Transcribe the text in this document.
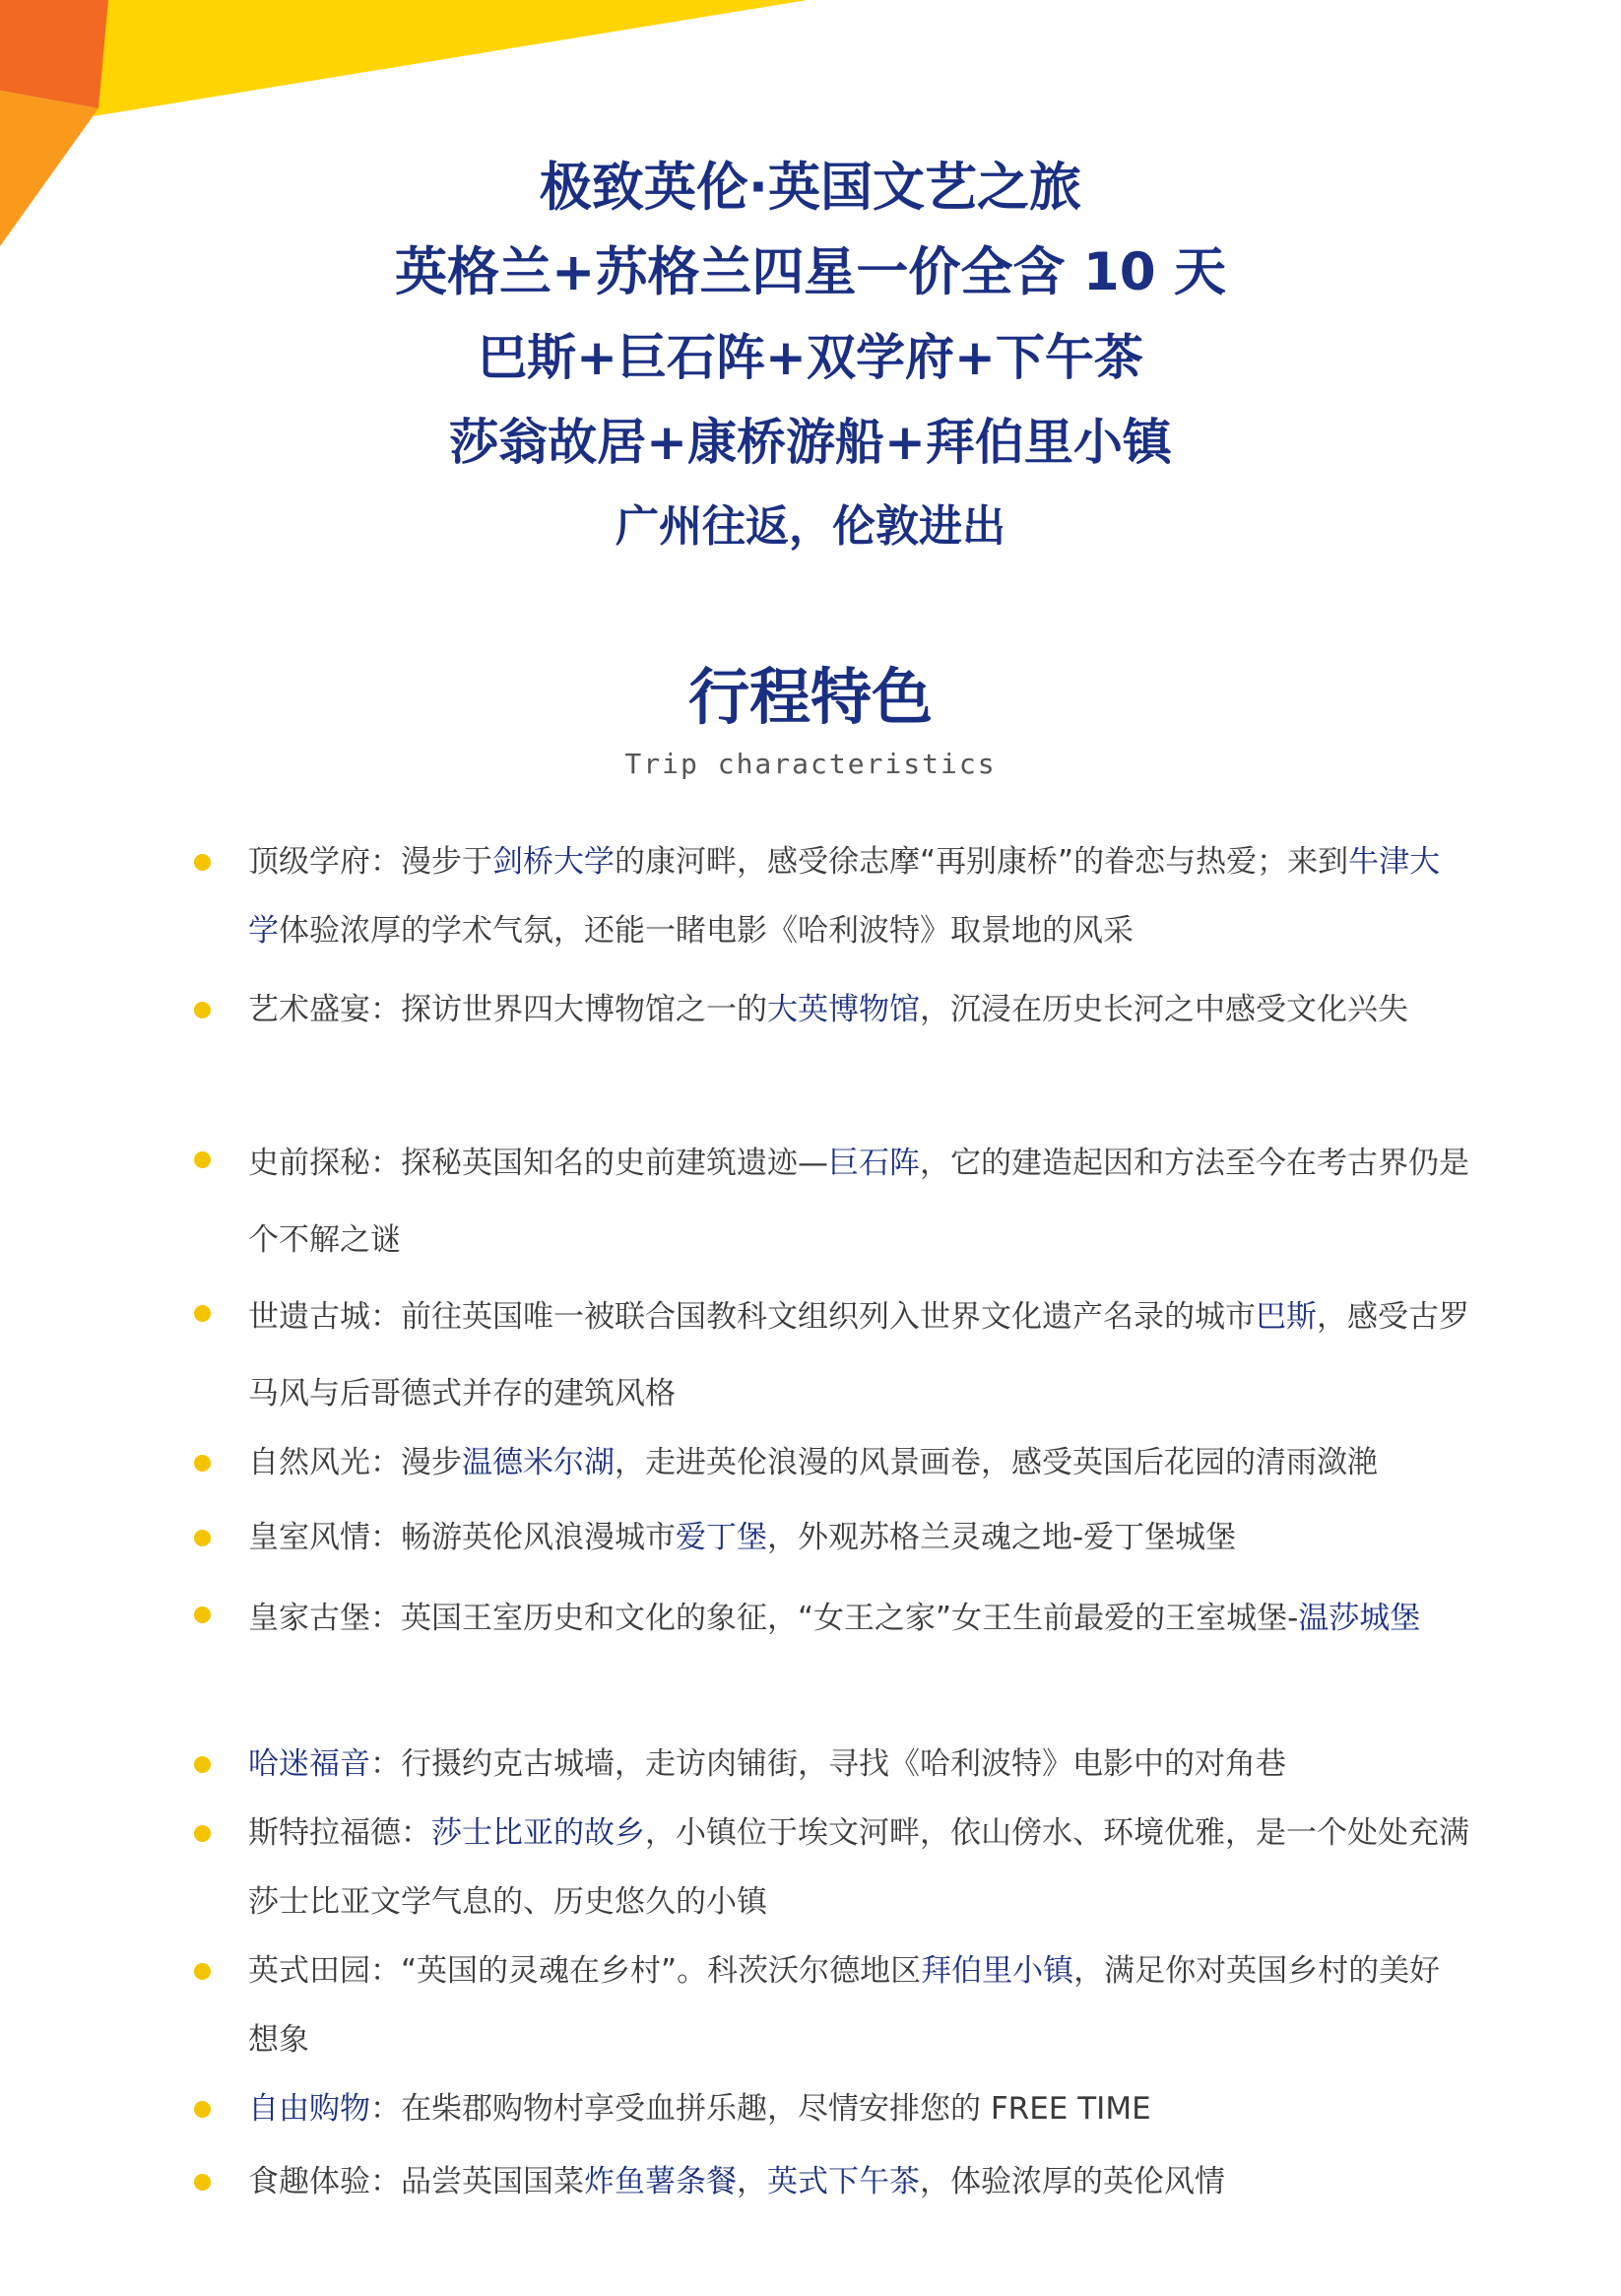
极致英伦·英国文艺之旅
英格兰+苏格兰四星一价全含 10 天
巴斯+巨石阵+双学府+下午茶
莎翁故居+康桥游船+拜伯里小镇
广州往返，伦敦进出
行程特色
Trip characteristics
顶级学府：漫步于剑桥大学的康河畔，感受徐志摩“再别康桥”的眷恋与热爱；来到牛津大学体验浓厚的学术气氛，还能一睹电影《哈利波特》取景地的风采
艺术盛宴：探访世界四大博物馆之一的大英博物馆，沉浸在历史长河之中感受文化兴失
史前探秘：探秘英国知名的史前建筑遗迹—巨石阵，它的建造起因和方法至今在考古界仍是个不解之谜
世遗古城：前往英国唯一被联合国教科文组织列入世界文化遗产名录的城市巴斯，感受古罗马风与后哥德式并存的建筑风格
自然风光：漫步温德米尔湖，走进英伦浪漫的风景画卷，感受英国后花园的清雨潋滟
皇室风情：畅游英伦风浪漫城市爱丁堡，外观苏格兰灵魂之地-爱丁堡城堡
皇家古堡：英国王室历史和文化的象征，“女王之家”女王生前最爱的王室城堡-温莎城堡
哈迷福音：行摄约克古城墙，走访肉铺街，寻找《哈利波特》电影中的对角巷
斯特拉福德：莎士比亚的故乡，小镇位于埃文河畔，依山傍水、环境优雅，是一个处处充满莎士比亚文学气息的、历史悠久的小镇
英式田园：“英国的灵魂在乡村”。科茨沃尔德地区拜伯里小镇，满足你对英国乡村的美好想象
自由购物：在柴郡购物村享受血拼乐趣，尽情安排您的 FREE TIME
食趣体验：品尝英国国菜炸鱼薯条餐，英式下午茶，体验浓厚的英伦风情
